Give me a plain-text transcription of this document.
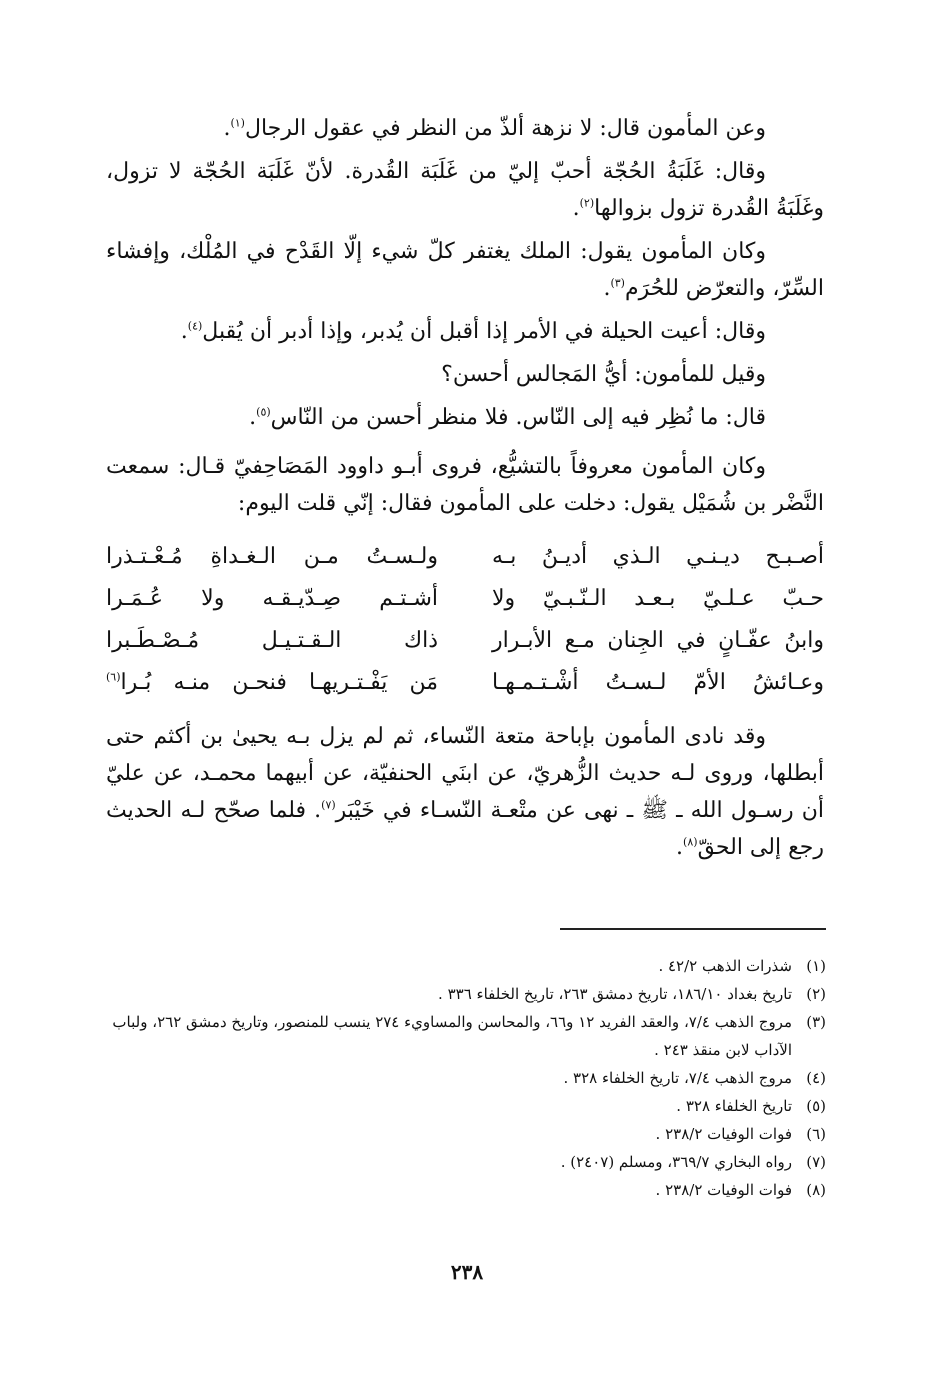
وعن المأمون قال: لا نزهة ألذّ من النظر في عقول الرجال$^{(١)}$.

وقال: غَلَبَةُ الحُجّة أحبّ إليّ من غَلَبَة القُدرة. لأنّ غَلَبَة الحُجّة لا تزول، وغَلَبَةُ القُدرة تزول بزوالها$^{(٢)}$.

وكان المأمون يقول: الملك يغتفر كلّ شيء إلّا القَدْح في المُلْك، وإفشاء السِّرّ، والتعرّض للحُرَم$^{(٣)}$.

وقال: أعيت الحيلة في الأمر إذا أقبل أن يُدبر، وإذا أدبر أن يُقبل$^{(٤)}$.

وقيل للمأمون: أيُّ المَجالس أحسن؟

قال: ما نُظِر فيه إلى النّاس. فلا منظر أحسن من النّاس$^{(٥)}$.

وكان المأمون معروفاً بالتشيُّع، فروى أبـو داوود المَصَاحِفيّ قـال: سمعت النَّضْر بن شُمَيْل يقول: دخلت على المأمون فقال: إنّي قلت اليوم:

أصـبـح ديـنـي الـذي أديـنُ بـه
ولـسـتُ مـن الـغـداةِ مُـعْـتـذرا
حـبّ عـلـيّ بـعـد الـنّـبـيّ ولا
أشـتـم صِـدّيـقـه ولا عُـمَـرا
وابنُ عفّـانٍ في الجِنان مـع الأبـرار
ذاك الـقـتـيـل مُـصْـطَـبرا
وعـائشُ الأمّ لـسـتُ أشْـتـمـهـا
مَن يَفْـتـريهـا فنحـن منـه بُـرا$^{(٦)}$

وقد نادى المأمون بإباحة متعة النّساء، ثم لم يزل بـه يحيىٰ بن أكثم حتى أبطلها، وروى لـه حديث الزُّهريّ، عن ابنَي الحنفيّة، عن أبيهما محمـد، عن عليّ أن رسـول الله ـ ﷺ ـ نهى عن متْعـة النّسـاء في خَيْبَر$^{(٧)}$. فلما صحّح لـه الحديث رجع إلى الحقّ$^{(٨)}$.

(١)
شذرات الذهب ٤٢/٢ .
(٢)
تاريخ بغداد ١٨٦/١٠، تاريخ دمشق ٢٦٣، تاريخ الخلفاء ٣٣٦ .
(٣)
مروج الذهب ٧/٤، والعقد الفريد ١٢ و٦٦، والمحاسن والمساويء ٢٧٤ ينسب للمنصور، وتاريخ دمشق ٢٦٢، ولباب الآداب لابن منقذ ٢٤٣ .
(٤)
مروج الذهب ٧/٤، تاريخ الخلفاء ٣٢٨ .
(٥)
تاريخ الخلفاء ٣٢٨ .
(٦)
فوات الوفيات ٢٣٨/٢ .
(٧)
رواه البخاري ٣٦٩/٧، ومسلم (٢٤٠٧) .
(٨)
فوات الوفيات ٢٣٨/٢ .
٢٣٨
